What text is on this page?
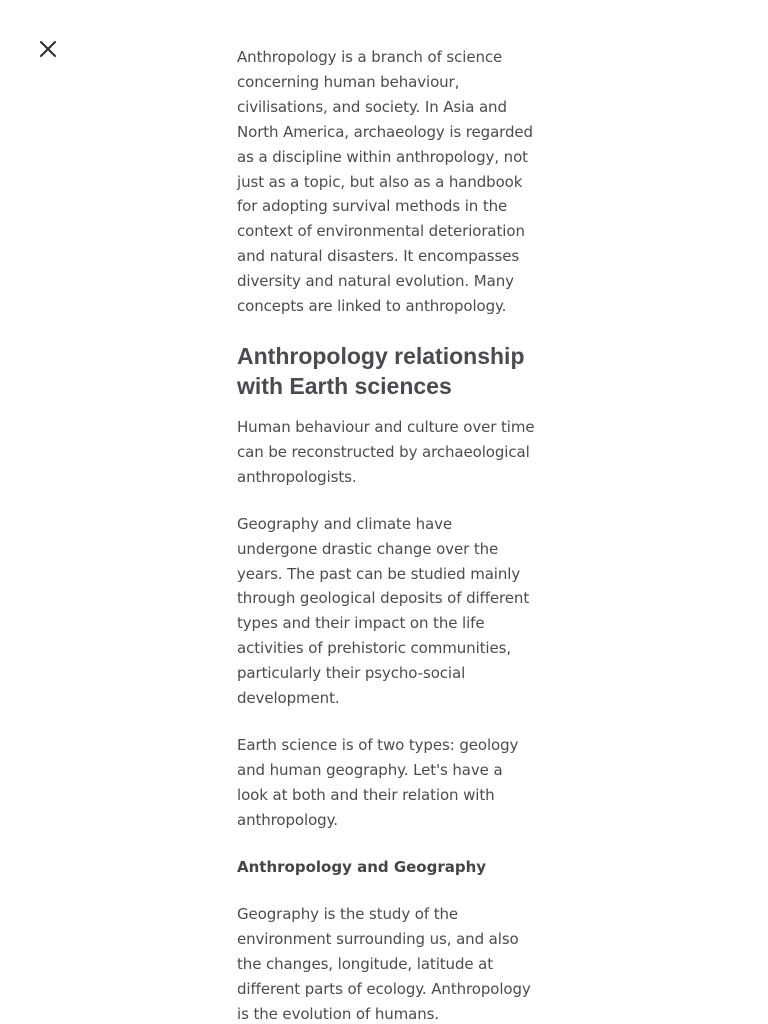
Anthropology is a branch of science concerning human behaviour, civilisations, and society. In Asia and North America, archaeology is regarded as a discipline within anthropology, not just as a topic, but also as a handbook for adopting survival methods in the context of environmental deterioration and natural disasters. It encompasses diversity and natural evolution. Many concepts are linked to anthropology.

Anthropology relationship with Earth sciences

Human behaviour and culture over time can be reconstructed by archaeological anthropologists.

Geography and climate have undergone drastic change over the years. The past can be studied mainly through geological deposits of different types and their impact on the life activities of prehistoric communities, particularly their psycho-social development.

Earth science is of two types: geology and human geography. Let's have a look at both and their relation with anthropology.

Anthropology and Geography

Geography is the study of the environment surrounding us, and also the changes, longitude, latitude at different parts of ecology. Anthropology is the evolution of humans.
